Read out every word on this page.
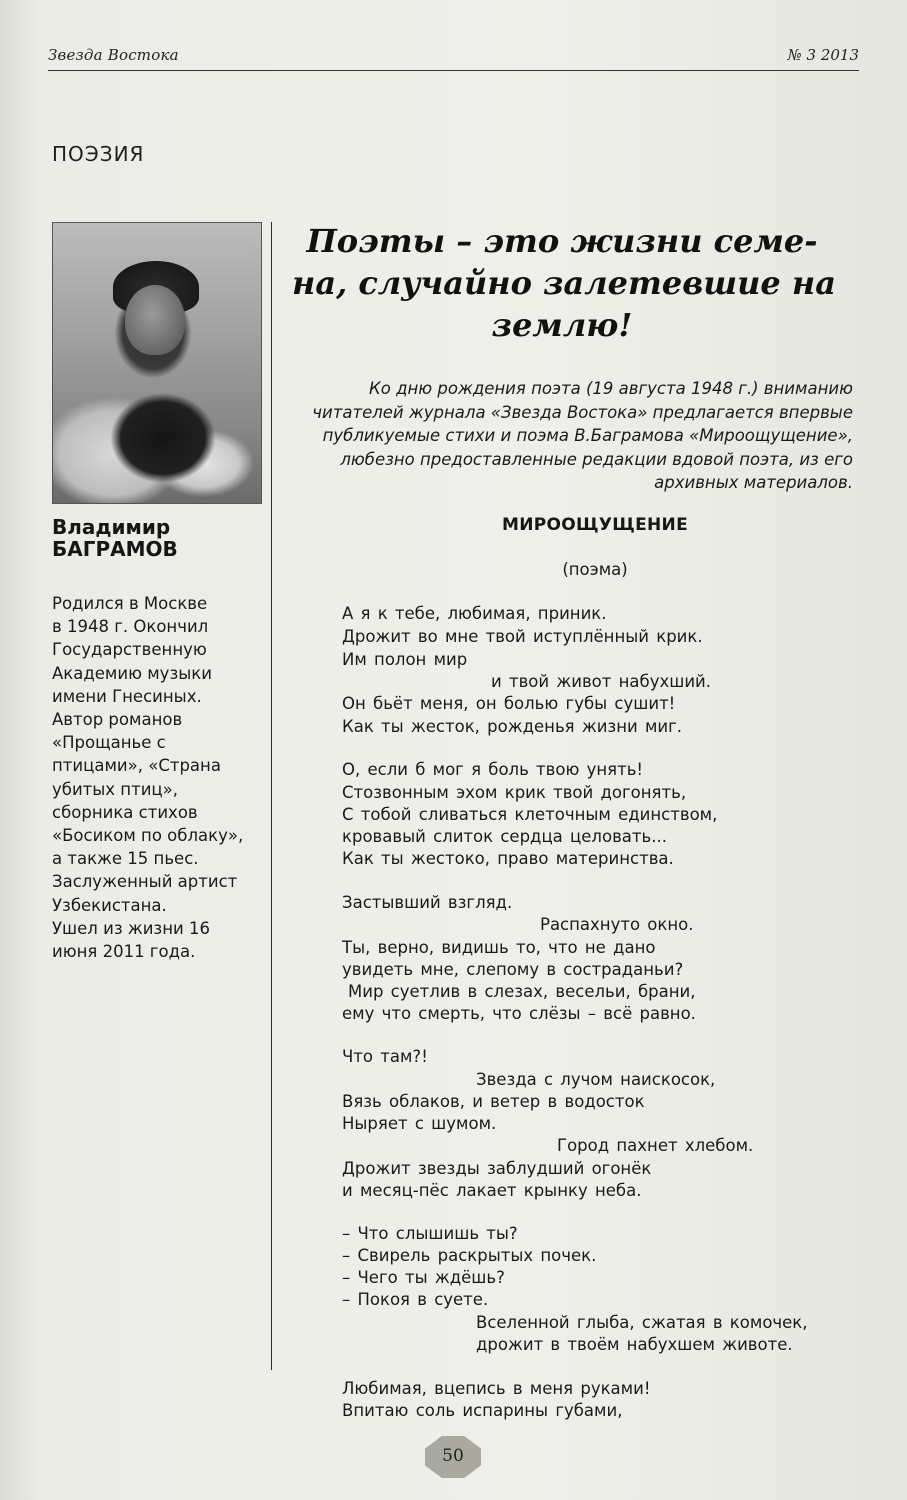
Звезда Востока	№ 3 2013
ПОЭЗИЯ
Владимир
БАГРАМОВ
Родился в Москве
в 1948 г. Окончил
Государственную
Академию музыки
имени Гнесиных.
Автор романов
«Прощанье с
птицами», «Страна
убитых птиц»,
сборника стихов
«Босиком по облаку»,
а также 15 пьес.
Заслуженный артист
Узбекистана.
Ушел из жизни 16
июня 2011 года.
Поэты – это жизни семе-
на, случайно залетевшие на
землю!
Ко дню рождения поэта (19 августа 1948 г.) вниманию
читателей журнала «Звезда Востока» предлагается впервые
публикуемые стихи и поэма В.Баграмова «Мироощущение»,
любезно предоставленные редакции вдовой поэта, из его
архивных материалов.
МИРООЩУЩЕНИЕ
(поэма)
А я к тебе, любимая, приник.
Дрожит во мне твой иступлённый крик.
Им полон мир
и твой живот набухший.
Он бьёт меня, он болью губы сушит!
Как ты жесток, рожденья жизни миг.
О, если б мог я боль твою унять!
Стозвонным эхом крик твой догонять,
С тобой сливаться клеточным единством,
кровавый слиток сердца целовать...
Как ты жестоко, право материнства.
Застывший взгляд.
Распахнуто окно.
Ты, верно, видишь то, что не дано
увидеть мне, слепому в состраданьи?
Мир суетлив в слезах, весельи, брани,
ему что смерть, что слёзы – всё равно.
Что там?!
Звезда с лучом наискосок,
Вязь облаков, и ветер в водосток
Ныряет с шумом.
Город пахнет хлебом.
Дрожит звезды заблудший огонёк
и месяц-пёс лакает крынку неба.
– Что слышишь ты?
– Свирель раскрытых почек.
– Чего ты ждёшь?
– Покоя в суете.
Вселенной глыба, сжатая в комочек,
дрожит в твоём набухшем животе.
Любимая, вцепись в меня руками!
Впитаю соль испарины губами,
50
